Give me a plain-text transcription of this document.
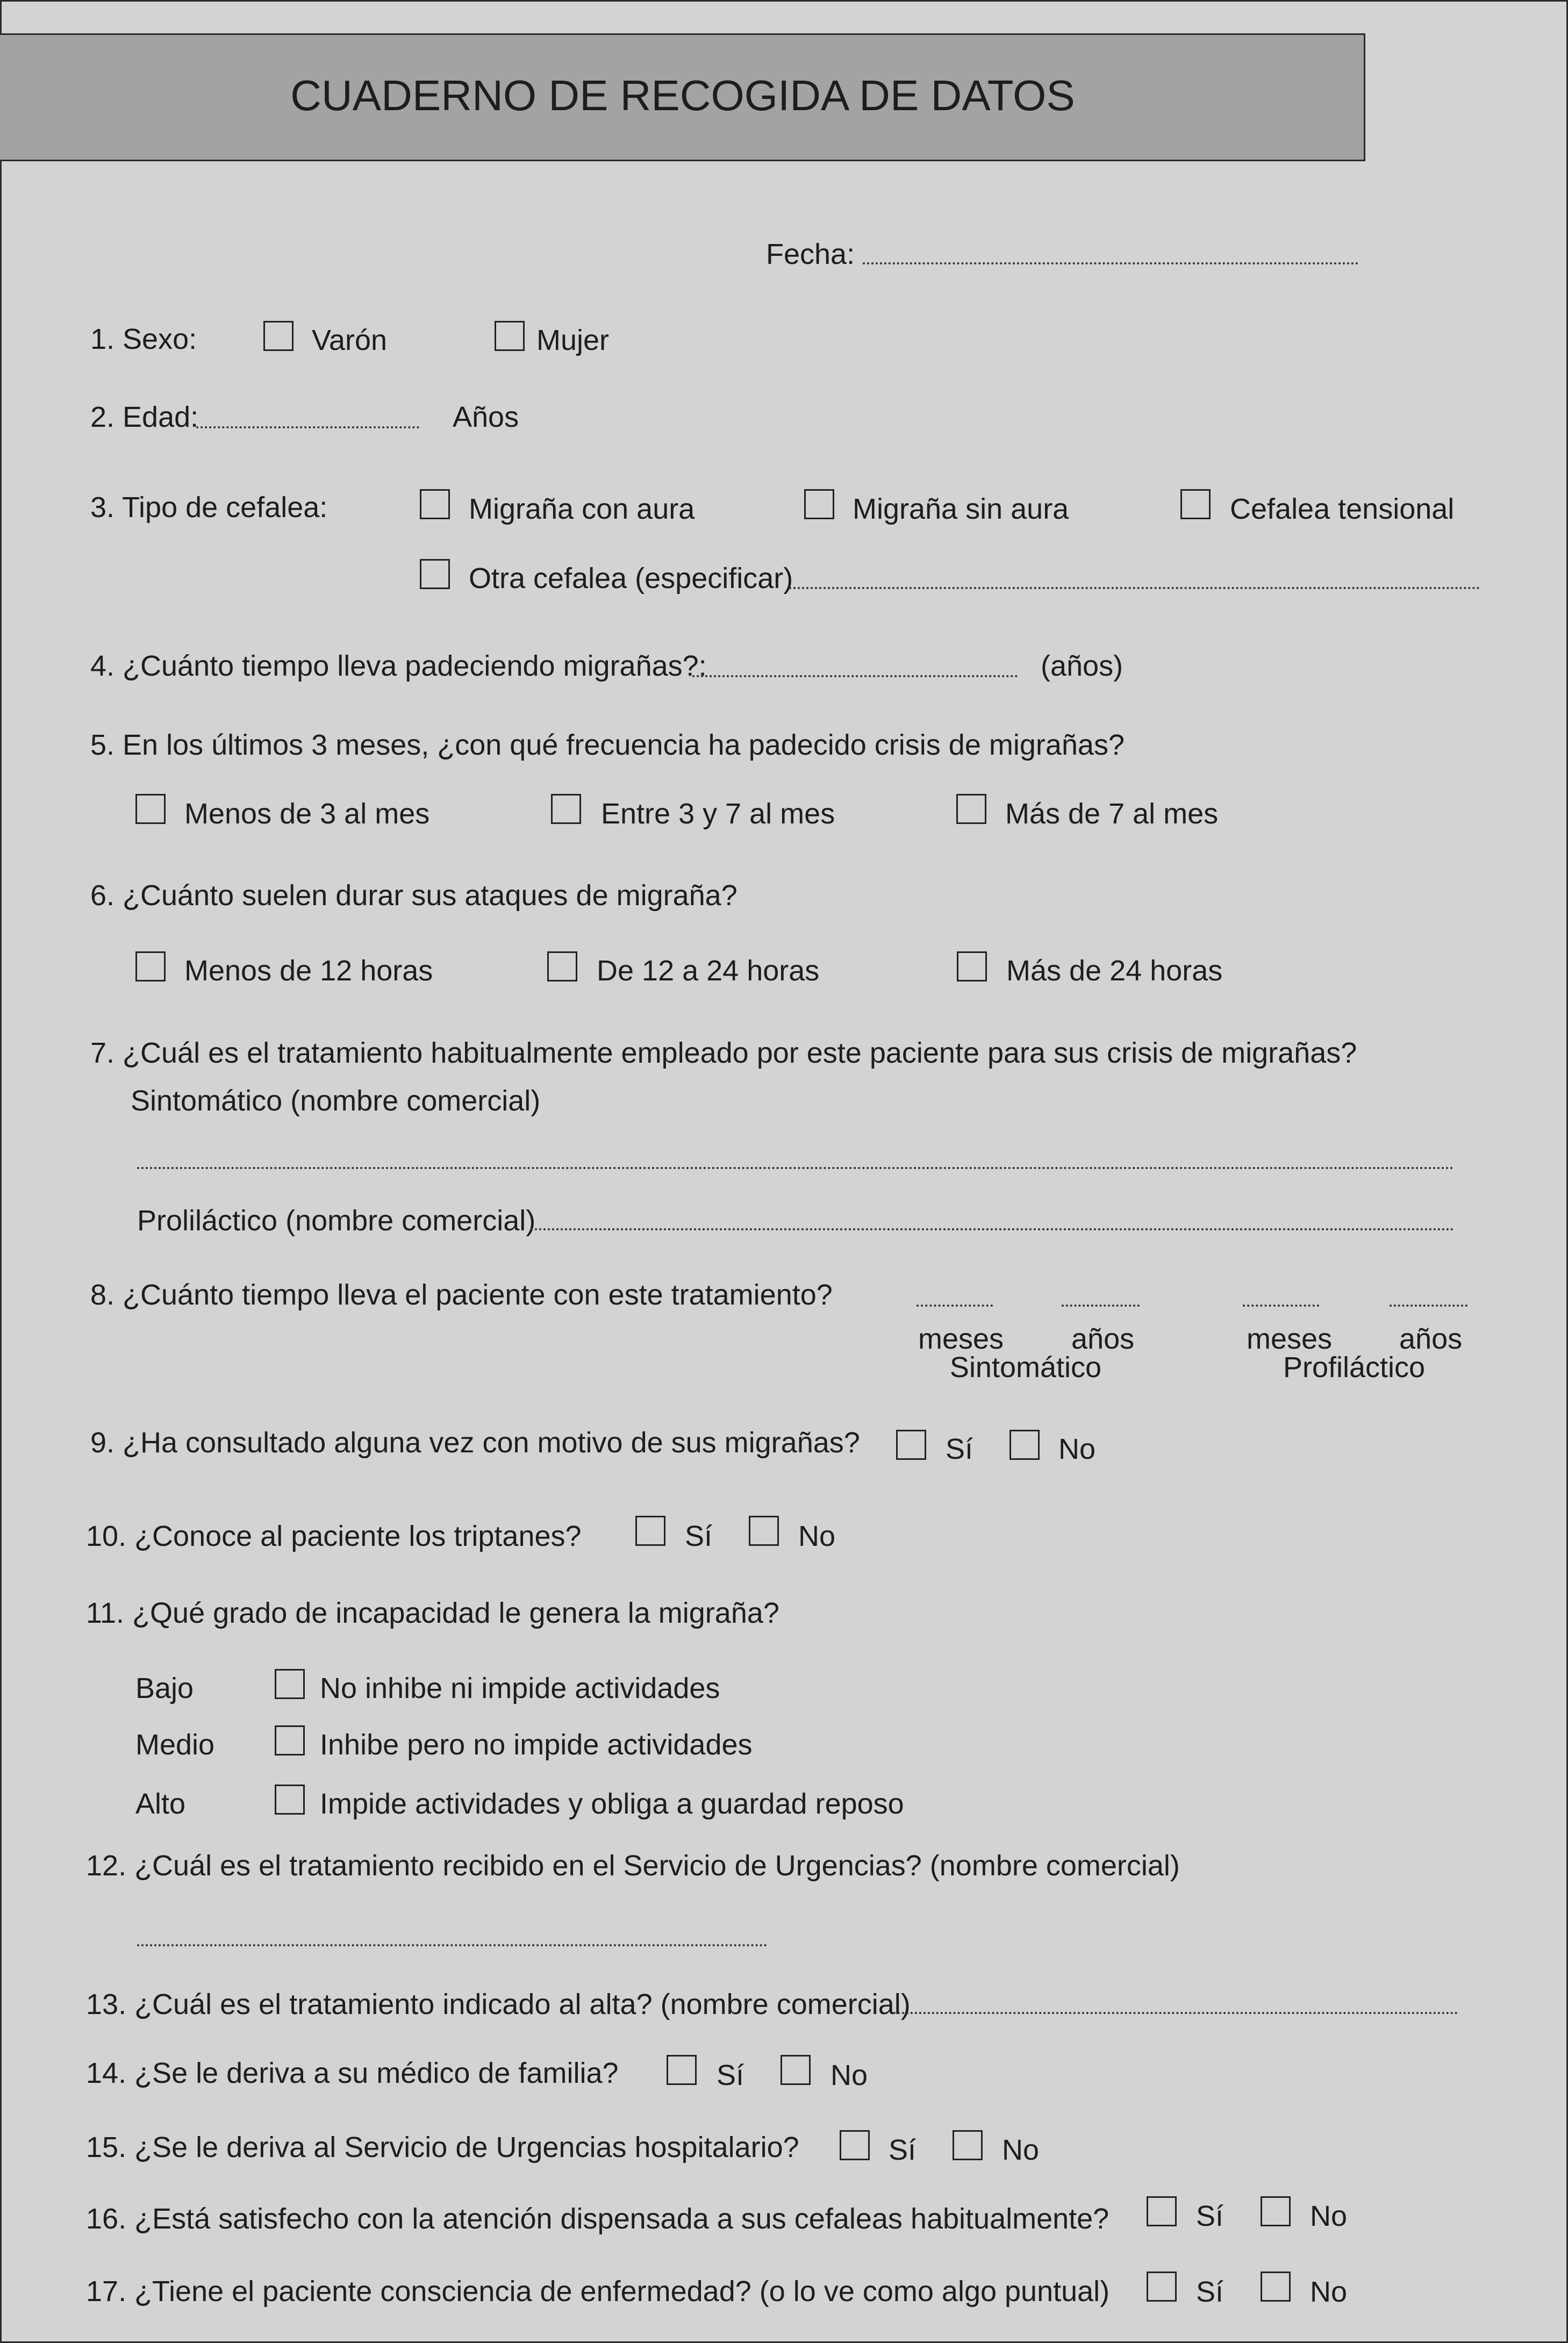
CUADERNO DE RECOGIDA DE DATOS
Fecha:
1. Sexo:	Varón	Mujer
2. Edad:	Años
3. Tipo de cefalea:	Migraña con aura	Migraña sin aura	Cefalea tensional
Otra cefalea (especificar)
4. ¿Cuánto tiempo lleva padeciendo migrañas?:	(años)
5. En los últimos 3 meses, ¿con qué frecuencia ha padecido crisis de migrañas?
Menos de 3 al mes	Entre 3 y 7 al mes	Más de 7 al mes
6. ¿Cuánto suelen durar sus ataques de migraña?
Menos de 12 horas	De 12 a 24 horas	Más de 24 horas
7. ¿Cuál es el tratamiento habitualmente empleado por este paciente para sus crisis de migrañas?
Sintomático (nombre comercial)
Proliláctico (nombre comercial)
8. ¿Cuánto tiempo lleva el paciente con este tratamiento?
meses años	meses años
Sintomático	Profiláctico
9. ¿Ha consultado alguna vez con motivo de sus migrañas?	Sí	No
10. ¿Conoce al paciente los triptanes?	Sí	No
11. ¿Qué grado de incapacidad le genera la migraña?
Bajo	No inhibe ni impide actividades
Medio	Inhibe pero no impide actividades
Alto	Impide actividades y obliga a guardad reposo
12. ¿Cuál es el tratamiento recibido en el Servicio de Urgencias? (nombre comercial)
13. ¿Cuál es el tratamiento indicado al alta? (nombre comercial)
14. ¿Se le deriva a su médico de familia?	Sí	No
15. ¿Se le deriva al Servicio de Urgencias hospitalario?	Sí	No
16. ¿Está satisfecho con la atención dispensada a sus cefaleas habitualmente?	Sí	No
17. ¿Tiene el paciente consciencia de enfermedad? (o lo ve como algo puntual)	Sí	No
